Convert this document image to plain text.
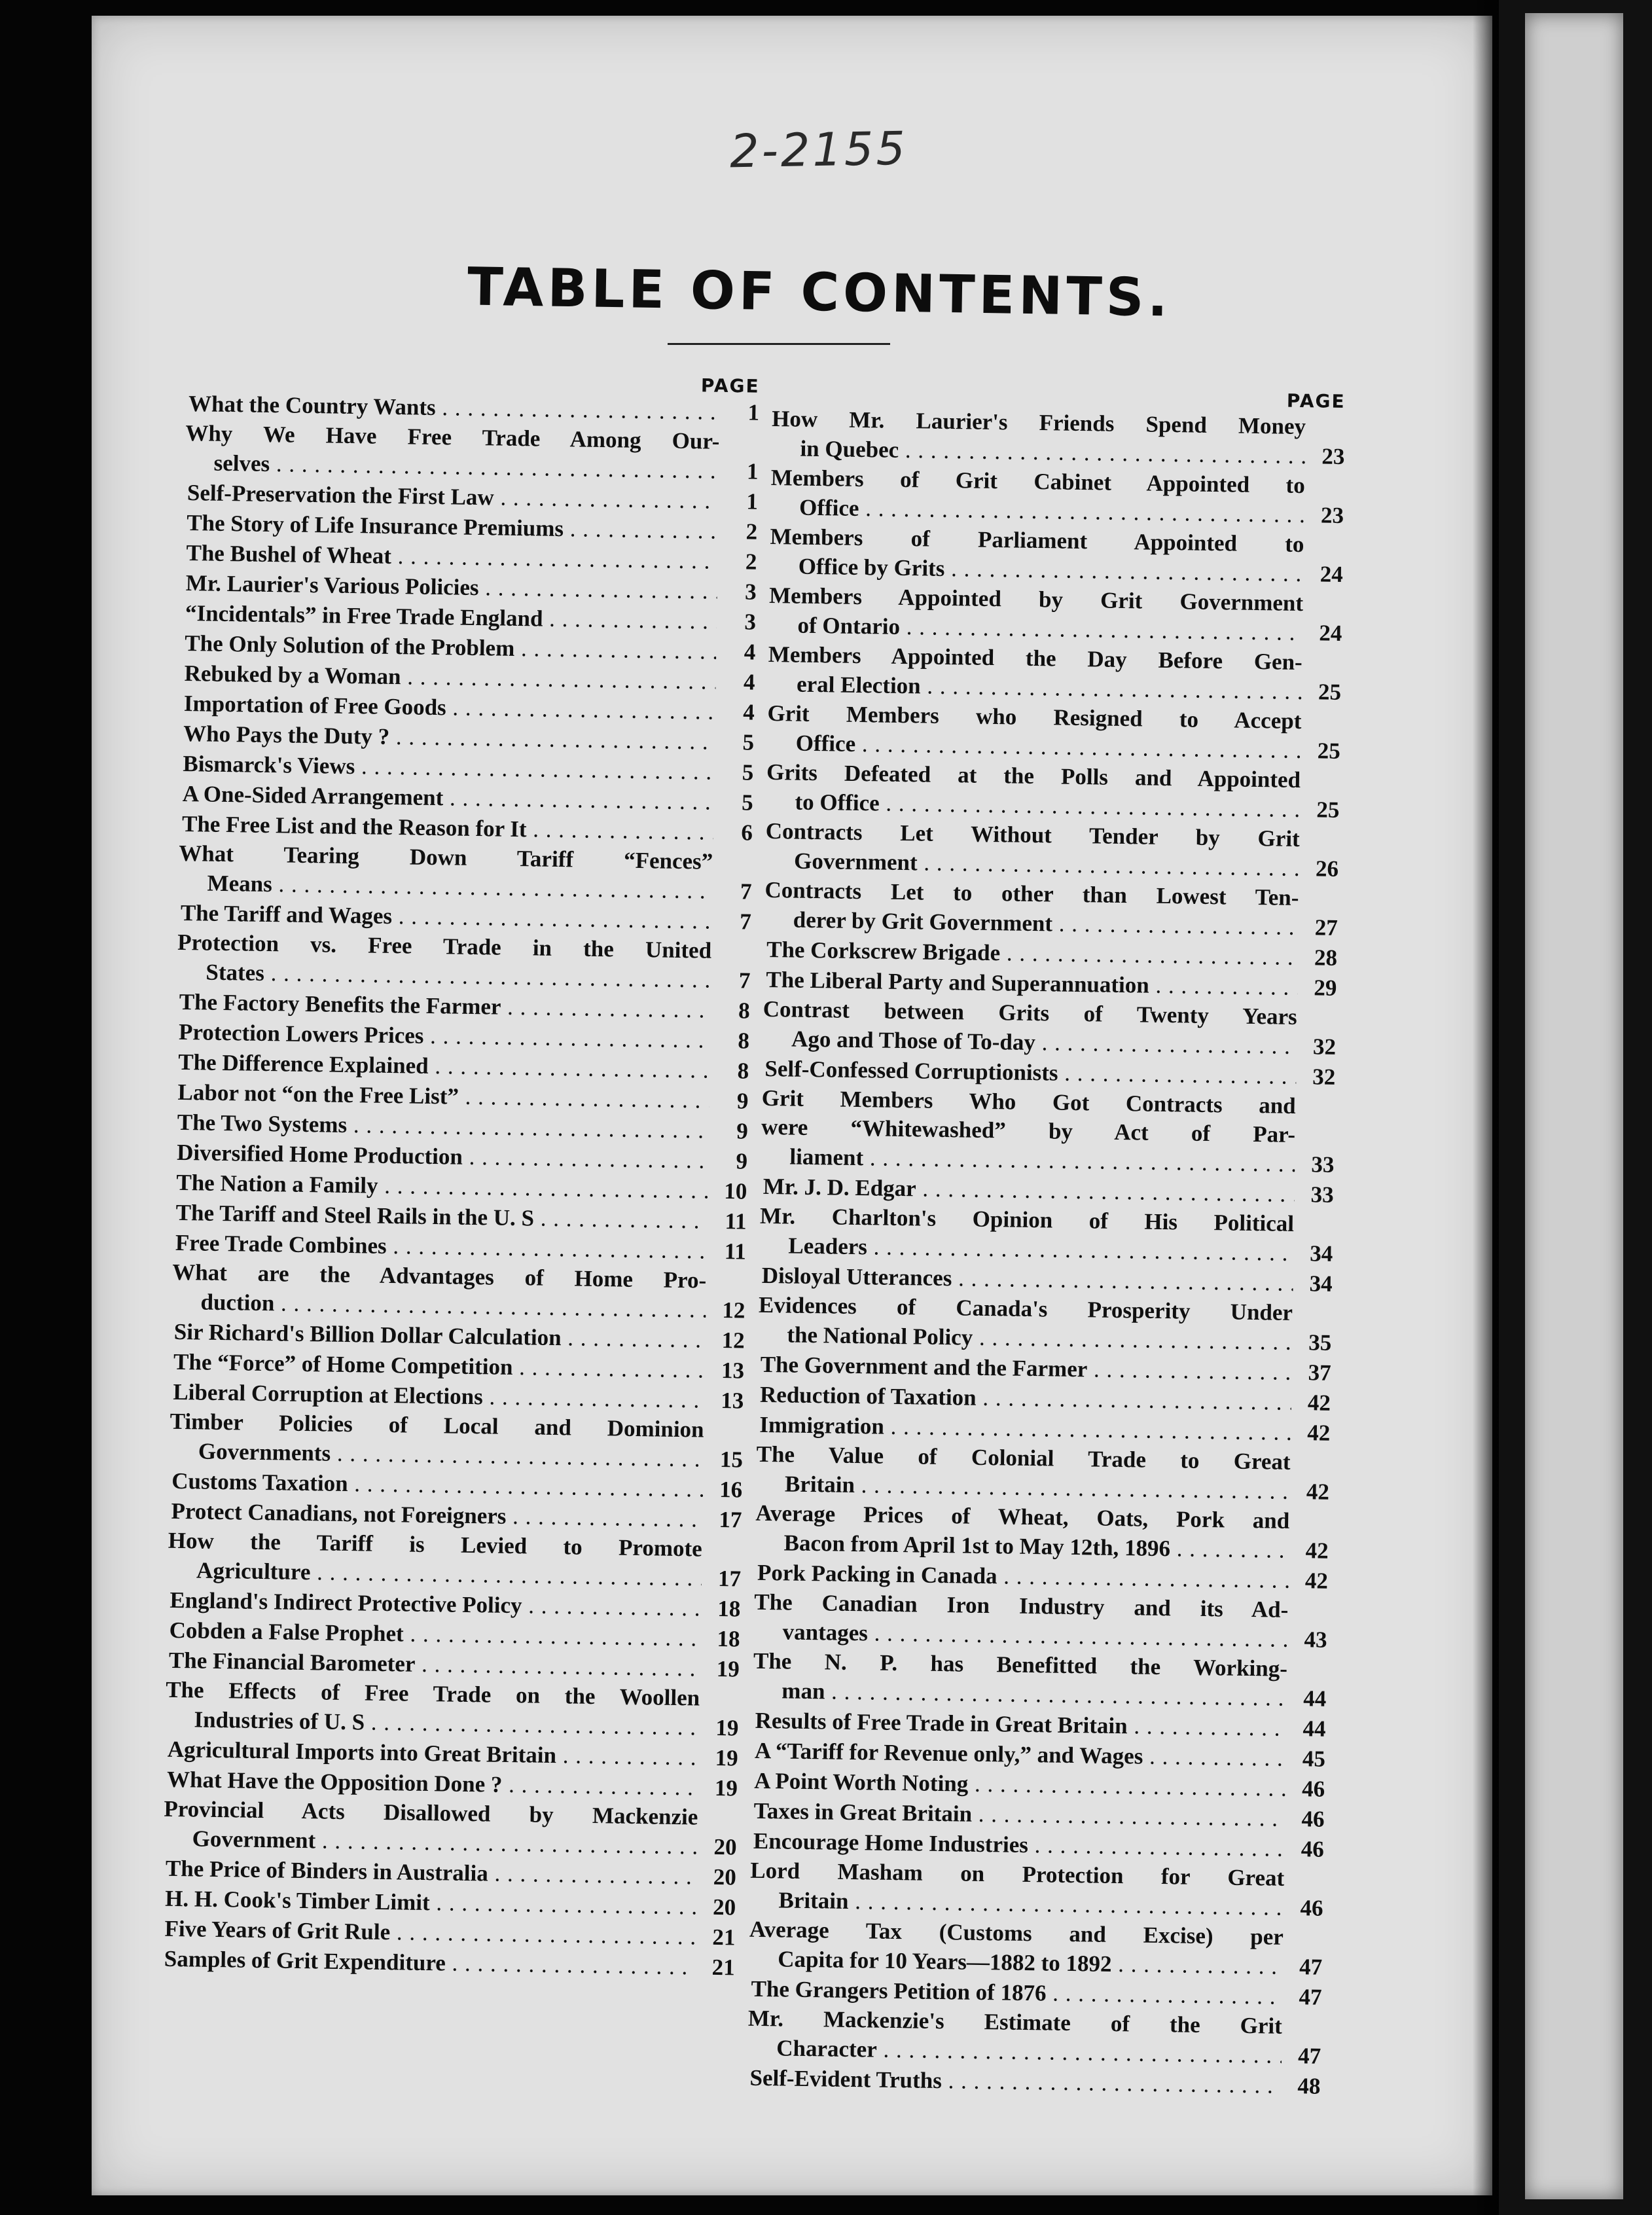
2-2155
TABLE OF CONTENTS.
PAGE
What the Country Wants . . .	1
Why We Have Free Trade Among Our-
selves . . .	1
Self-Preservation the First Law . . .	1
The Story of Life Insurance Premiums . . .	2
The Bushel of Wheat . . .	2
Mr. Laurier's Various Policies . . .	3
“Incidentals” in Free Trade England . . .	3
The Only Solution of the Problem . . .	4
Rebuked by a Woman . . .	4
Importation of Free Goods . . .	4
Who Pays the Duty ? . . .	5
Bismarck's Views . . .	5
A One-Sided Arrangement . . .	5
The Free List and the Reason for It . . .	6
What Tearing Down Tariff “Fences”
Means . . .	7
The Tariff and Wages . . .	7
Protection vs. Free Trade in the United
States . . .	7
The Factory Benefits the Farmer . . .	8
Protection Lowers Prices . . .	8
The Difference Explained . . .	8
Labor not “on the Free List” . . .	9
The Two Systems . . .	9
Diversified Home Production . . .	9
The Nation a Family . . .	10
The Tariff and Steel Rails in the U. S . . .	11
Free Trade Combines . . .	11
What are the Advantages of Home Pro-
duction . . .	12
Sir Richard's Billion Dollar Calculation . . .	12
The “Force” of Home Competition . . .	13
Liberal Corruption at Elections . . .	13
Timber Policies of Local and Dominion
Governments . . .	15
Customs Taxation . . .	16
Protect Canadians, not Foreigners . . .	17
How the Tariff is Levied to Promote
Agriculture . . .	17
England's Indirect Protective Policy . . .	18
Cobden a False Prophet . . .	18
The Financial Barometer . . .	19
The Effects of Free Trade on the Woollen
Industries of U. S . . .	19
Agricultural Imports into Great Britain . . .	19
What Have the Opposition Done ? . . .	19
Provincial Acts Disallowed by Mackenzie
Government . . .	20
The Price of Binders in Australia . . .	20
H. H. Cook's Timber Limit . . .	20
Five Years of Grit Rule . . .	21
Samples of Grit Expenditure . . .	21
PAGE
How Mr. Laurier's Friends Spend Money
in Quebec . . .	23
Members of Grit Cabinet Appointed to
Office . . .	23
Members of Parliament Appointed to
Office by Grits . . .	24
Members Appointed by Grit Government
of Ontario . . .	24
Members Appointed the Day Before Gen-
eral Election . . .	25
Grit Members who Resigned to Accept
Office . . .	25
Grits Defeated at the Polls and Appointed
to Office . . .	25
Contracts Let Without Tender by Grit
Government . . .	26
Contracts Let to other than Lowest Ten-
derer by Grit Government . . .	27
The Corkscrew Brigade . . .	28
The Liberal Party and Superannuation . . .	29
Contrast between Grits of Twenty Years
Ago and Those of To-day . . .	32
Self-Confessed Corruptionists . . .	32
Grit Members Who Got Contracts and
were “Whitewashed” by Act of Par-
liament . . .	33
Mr. J. D. Edgar . . .	33
Mr. Charlton's Opinion of His Political
Leaders . . .	34
Disloyal Utterances . . .	34
Evidences of Canada's Prosperity Under
the National Policy . . .	35
The Government and the Farmer . . .	37
Reduction of Taxation . . .	42
Immigration . . .	42
The Value of Colonial Trade to Great
Britain . . .	42
Average Prices of Wheat, Oats, Pork and
Bacon from April 1st to May 12th, 1896 . . .	42
Pork Packing in Canada . . .	42
The Canadian Iron Industry and its Ad-
vantages . . .	43
The N. P. has Benefitted the Working-
man . . .	44
Results of Free Trade in Great Britain . . .	44
A “Tariff for Revenue only,” and Wages . . .	45
A Point Worth Noting . . .	46
Taxes in Great Britain . . .	46
Encourage Home Industries . . .	46
Lord Masham on Protection for Great
Britain . . .	46
Average Tax (Customs and Excise) per
Capita for 10 Years—1882 to 1892 . . .	47
The Grangers Petition of 1876 . . .	47
Mr. Mackenzie's Estimate of the Grit
Character . . .	47
Self-Evident Truths . . .	48
